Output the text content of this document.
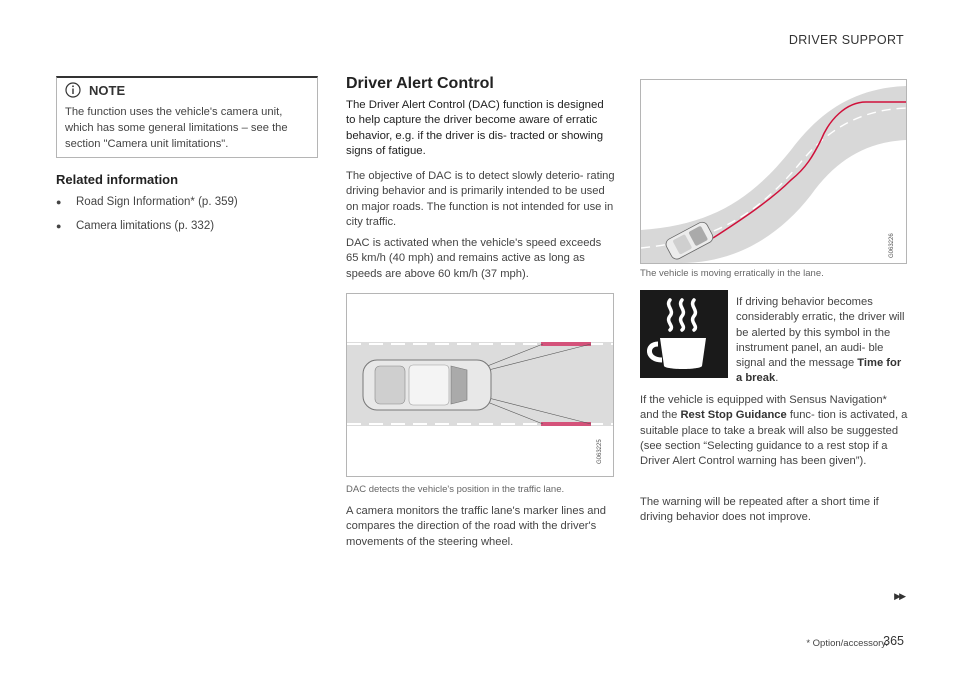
DRIVER SUPPORT
NOTE
The function uses the vehicle's camera unit, which has some general limitations – see the section "Camera unit limitations".
Related information
●	Road Sign Information* (p. 359)
●	Camera limitations (p. 332)
Driver Alert Control
The Driver Alert Control (DAC) function is designed to help capture the driver become aware of erratic behavior, e.g. if the driver is dis- tracted or showing signs of fatigue.
The objective of DAC is to detect slowly deterio- rating driving behavior and is primarily intended to be used on major roads. The function is not intended for use in city traffic.
DAC is activated when the vehicle's speed exceeds 65 km/h (40 mph) and remains active as long as speeds are above 60 km/h (37 mph).
G063225
DAC detects the vehicle's position in the traffic lane.
A camera monitors the traffic lane's marker lines and compares the direction of the road with the driver's movements of the steering wheel.
G063226
The vehicle is moving erratically in the lane.
If driving behavior becomes considerably erratic, the driver will be alerted by this symbol in the instrument panel, an audi- ble signal and the message Time for a break.
If the vehicle is equipped with Sensus Navigation* and the Rest Stop Guidance func- tion is activated, a suitable place to take a break will also be suggested (see section “Selecting guidance to a rest stop if a Driver Alert Control warning has been given”).
The warning will be repeated after a short time if driving behavior does not improve.
▶▶
* Option/accessory.
365
